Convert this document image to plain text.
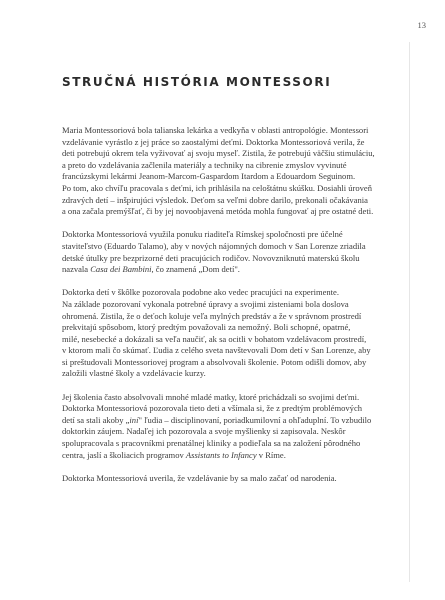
13
STRUČNÁ HISTÓRIA MONTESSORI

Maria Montessoriová bola talianska lekárka a vedkyňa v oblasti antropológie. Montessori
vzdelávanie vyrástlo z jej práce so zaostalými deťmi. Doktorka Montessoriová verila, že
deti potrebujú okrem tela vyživovať aj svoju myseľ. Zistila, že potrebujú väčšiu stimuláciu,
a preto do vzdelávania začlenila materiály a techniky na cibrenie zmyslov vyvinuté
francúzskymi lekármi Jeanom-Marcom-Gaspardom Itardom a Edouardom Seguinom.
Po tom, ako chvíľu pracovala s deťmi, ich prihlásila na celoštátnu skúšku. Dosiahli úroveň
zdravých detí – inšpirujúci výsledok. Deťom sa veľmi dobre darilo, prekonali očakávania
a ona začala premýšľať, či by jej novoobjavená metóda mohla fungovať aj pre ostatné deti.

Doktorka Montessoriová využila ponuku riaditeľa Rímskej spoločnosti pre účelné
staviteľstvo (Eduardo Talamo), aby v nových nájomných domoch v San Lorenze zriadila
detské útulky pre bezprizorné deti pracujúcich rodičov. Novovzniknutú materskú školu
nazvala Casa dei Bambini, čo znamená „Dom detí".

Doktorka detí v škôlke pozorovala podobne ako vedec pracujúci na experimente.
Na základe pozorovaní vykonala potrebné úpravy a svojimi zisteniami bola doslova
ohromená. Zistila, že o deťoch koluje veľa mylných predstáv a že v správnom prostredí
prekvitajú spôsobom, ktorý predtým považovali za nemožný. Boli schopné, opatrné,
milé, nesebecké a dokázali sa veľa naučiť, ak sa ocitli v bohatom vzdelávacom prostredí,
v ktorom mali čo skúmať. Ľudia z celého sveta navštevovali Dom detí v San Lorenze, aby
si preštudovali Montessoriovej program a absolvovali školenie. Potom odišli domov, aby
založili vlastné školy a vzdelávacie kurzy.

Jej školenia často absolvovali mnohé mladé matky, ktoré prichádzali so svojimi deťmi.
Doktorka Montessoriová pozorovala tieto deti a všímala si, že z predtým problémových
detí sa stali akoby „iní" ľudia – disciplinovaní, poriadkumilovní a ohľaduplní. To vzbudilo
doktorkin záujem. Nadaľej ich pozorovala a svoje myšlienky si zapisovala. Neskôr
spolupracovala s pracovníkmi prenatálnej kliniky a podieľala sa na založení pôrodného
centra, jaslí a školiacich programov Assistants to Infancy v Ríme.

Doktorka Montessoriová uverila, že vzdelávanie by sa malo začať od narodenia.
